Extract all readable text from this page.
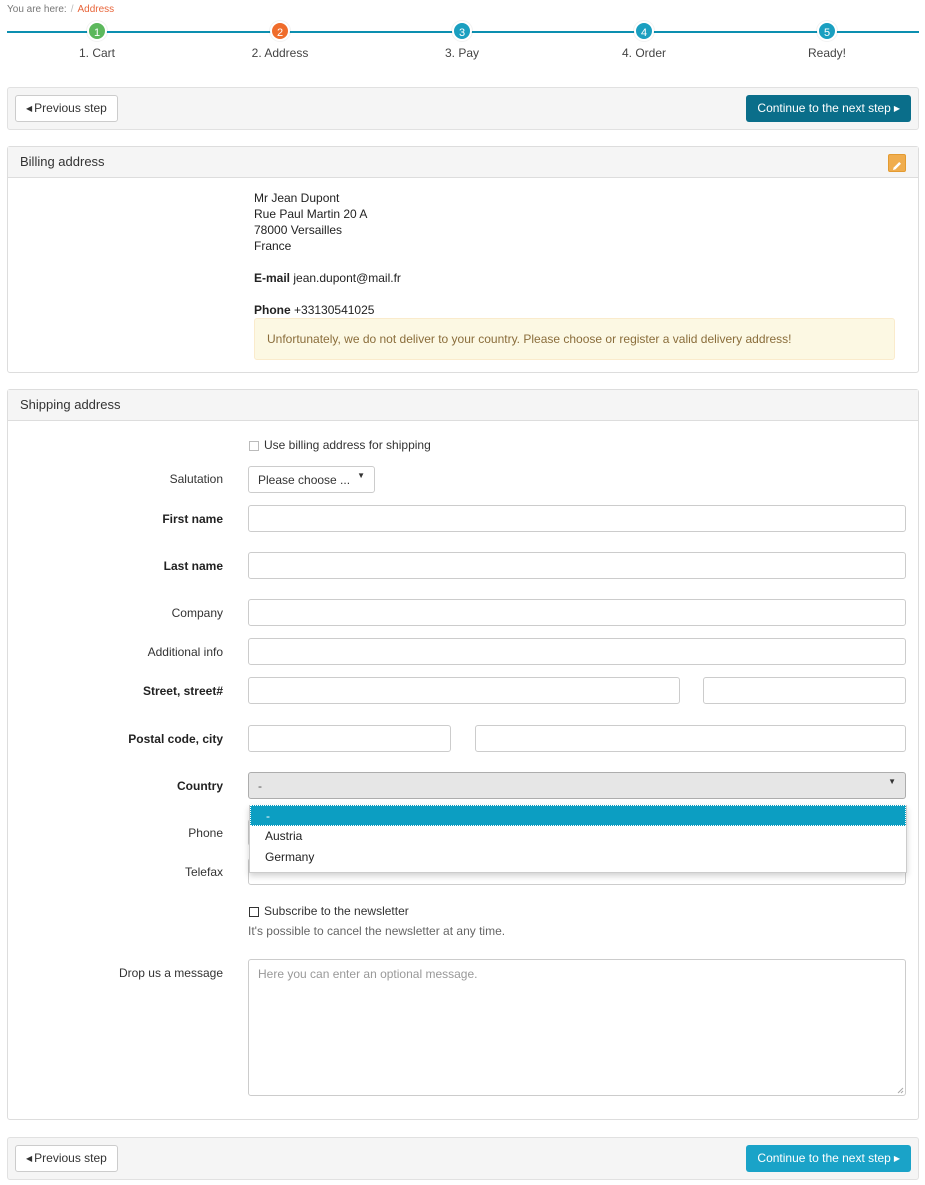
You are here: / Address
1
1. Cart
2
2. Address
3
3. Pay
4
4. Order
5
Ready!
◀ Previous step	Continue to the next step ▶
Billing address
Mr Jean Dupont
Rue Paul Martin 20 A
78000 Versailles
France
E-mail jean.dupont@mail.fr
Phone +33130541025
Unfortunately, we do not deliver to your country. Please choose or register a valid delivery address!
Shipping address
Use billing address for shipping
Salutation	Please choose ... ▼
First name
Last name
Company
Additional info
Street, street#
Postal code, city
Country	-	▼
Phone
Telefax
-
Austria
Germany
Subscribe to the newsletter
It's possible to cancel the newsletter at any time.
Drop us a message	Here you can enter an optional message.
◀ Previous step	Continue to the next step ▶
